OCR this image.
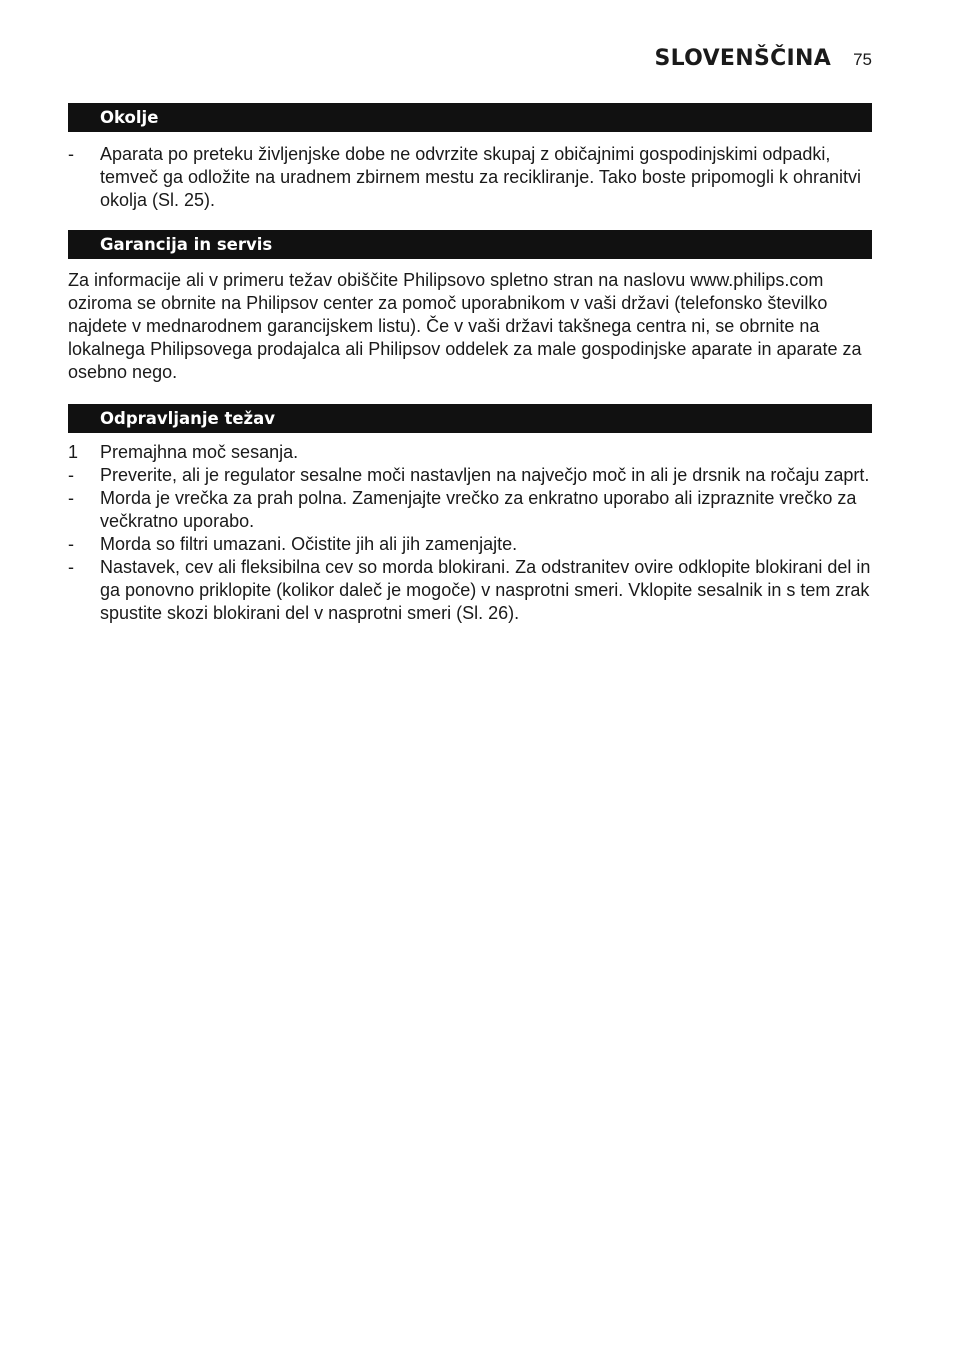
SLOVENŠČINA 75
Okolje
-	Aparata po preteku življenjske dobe ne odvrzite skupaj z običajnimi gospodinjskimi odpadki, temveč ga odložite na uradnem zbirnem mestu za recikliranje. Tako boste pripomogli k ohranitvi okolja (Sl. 25).
Garancija in servis

Za informacije ali v primeru težav obiščite Philipsovo spletno stran na naslovu www.philips.com oziroma se obrnite na Philipsov center za pomoč uporabnikom v vaši državi (telefonsko številko najdete v mednarodnem garancijskem listu). Če v vaši državi takšnega centra ni, se obrnite na lokalnega Philipsovega prodajalca ali Philipsov oddelek za male gospodinjske aparate in aparate za osebno nego.

Odpravljanje težav
1	Premajhna moč sesanja.
-	Preverite, ali je regulator sesalne moči nastavljen na največjo moč in ali je drsnik na ročaju zaprt.
-	Morda je vrečka za prah polna. Zamenjajte vrečko za enkratno uporabo ali izpraznite vrečko za večkratno uporabo.
-	Morda so filtri umazani. Očistite jih ali jih zamenjajte.
-	Nastavek, cev ali fleksibilna cev so morda blokirani. Za odstranitev ovire odklopite blokirani del in ga ponovno priklopite (kolikor daleč je mogoče) v nasprotni smeri. Vklopite sesalnik in s tem zrak spustite skozi blokirani del v nasprotni smeri (Sl. 26).
